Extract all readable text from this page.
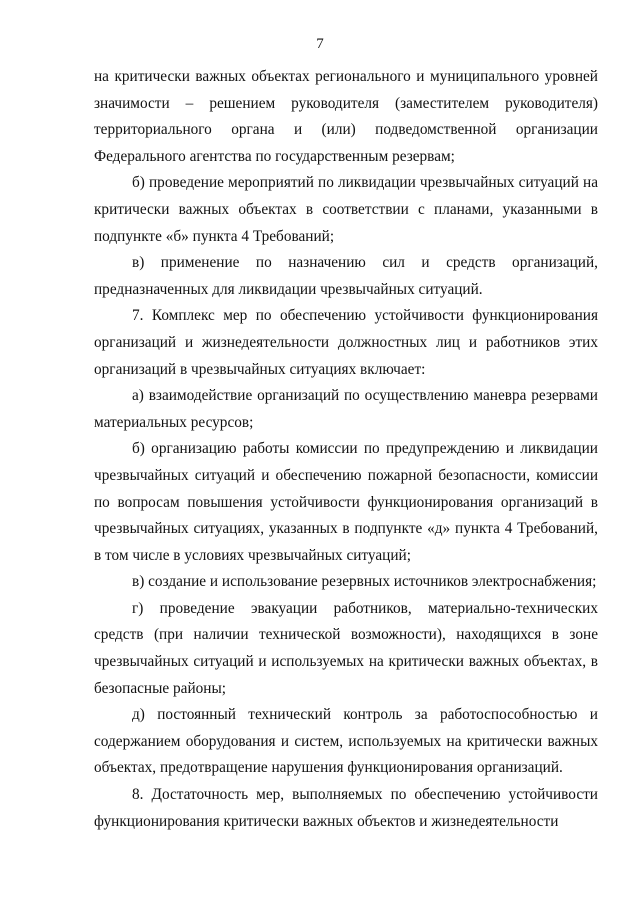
7

на критически важных объектах регионального и муниципального уровней значимости – решением руководителя (заместителем руководителя) территориального органа и (или) подведомственной организации Федерального агентства по государственным резервам;

б) проведение мероприятий по ликвидации чрезвычайных ситуаций на критически важных объектах в соответствии с планами, указанными в подпункте «б» пункта 4 Требований;

в) применение по назначению сил и средств организаций, предназначенных для ликвидации чрезвычайных ситуаций.

7. Комплекс мер по обеспечению устойчивости функционирования организаций и жизнедеятельности должностных лиц и работников этих организаций в чрезвычайных ситуациях включает:

а) взаимодействие организаций по осуществлению маневра резервами материальных ресурсов;

б) организацию работы комиссии по предупреждению и ликвидации чрезвычайных ситуаций и обеспечению пожарной безопасности, комиссии по вопросам повышения устойчивости функционирования организаций в чрезвычайных ситуациях, указанных в подпункте «д» пункта 4 Требований, в том числе в условиях чрезвычайных ситуаций;

в) создание и использование резервных источников электроснабжения;

г) проведение эвакуации работников, материально-технических средств (при наличии технической возможности), находящихся в зоне чрезвычайных ситуаций и используемых на критически важных объектах, в безопасные районы;

д) постоянный технический контроль за работоспособностью и содержанием оборудования и систем, используемых на критически важных объектах, предотвращение нарушения функционирования организаций.

8. Достаточность мер, выполняемых по обеспечению устойчивости функционирования критически важных объектов и жизнедеятельности
